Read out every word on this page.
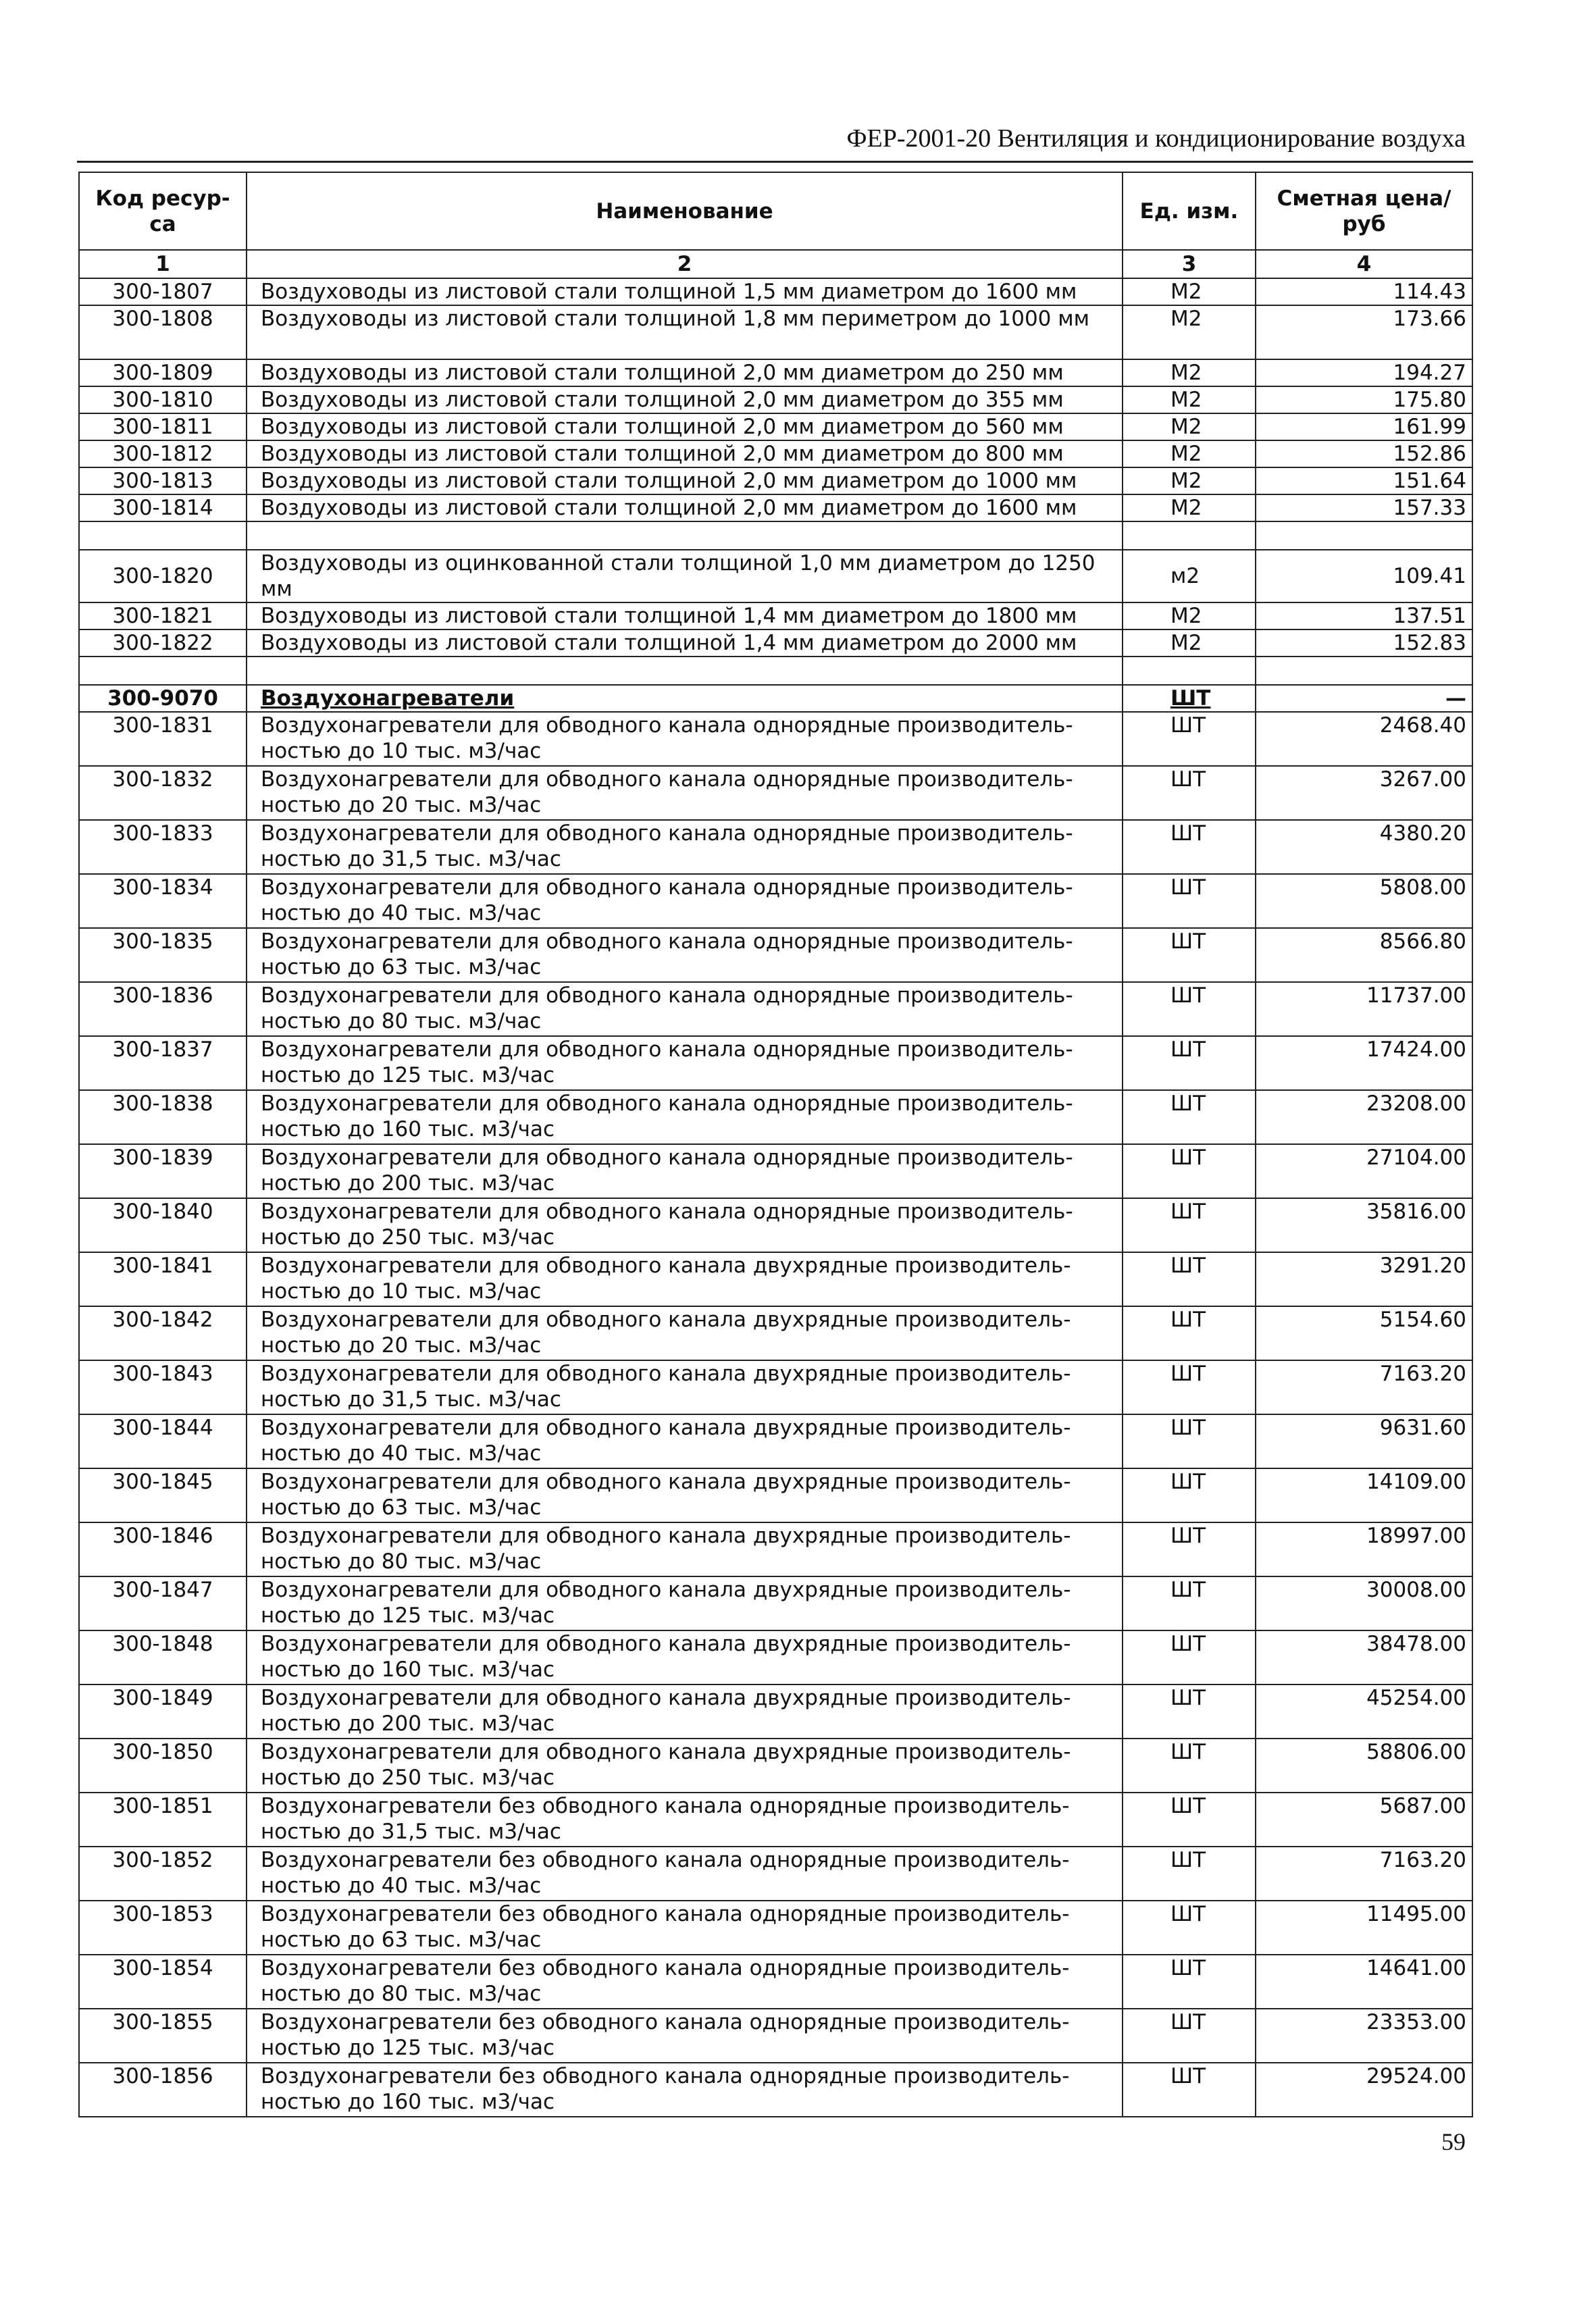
ФЕР-2001-20 Вентиляция и кондиционирование воздуха
Код ресур-са	Наименование	Ед. изм.	Сметная цена/руб
1	2	3	4
300-1807	Воздуховоды из листовой стали толщиной 1,5 мм диаметром до 1600 мм	М2	114.43
300-1808	Воздуховоды из листовой стали толщиной 1,8 мм периметром до 1000 мм	М2	173.66
300-1809	Воздуховоды из листовой стали толщиной 2,0 мм диаметром до 250 мм	М2	194.27
300-1810	Воздуховоды из листовой стали толщиной 2,0 мм диаметром до 355 мм	М2	175.80
300-1811	Воздуховоды из листовой стали толщиной 2,0 мм диаметром до 560 мм	М2	161.99
300-1812	Воздуховоды из листовой стали толщиной 2,0 мм диаметром до 800 мм	М2	152.86
300-1813	Воздуховоды из листовой стали толщиной 2,0 мм диаметром до 1000 мм	М2	151.64
300-1814	Воздуховоды из листовой стали толщиной 2,0 мм диаметром до 1600 мм	М2	157.33

300-1820	Воздуховоды из оцинкованной стали толщиной 1,0 мм диаметром до 1250 мм	м2	109.41
300-1821	Воздуховоды из листовой стали толщиной 1,4 мм диаметром до 1800 мм	М2	137.51
300-1822	Воздуховоды из листовой стали толщиной 1,4 мм диаметром до 2000 мм	М2	152.83

300-9070	Воздухонагреватели	ШТ	—
300-1831	Воздухонагреватели для обводного канала однорядные производитель-ностью до 10 тыс. м3/час	ШТ	2468.40
300-1832	Воздухонагреватели для обводного канала однорядные производитель-ностью до 20 тыс. м3/час	ШТ	3267.00
300-1833	Воздухонагреватели для обводного канала однорядные производитель-ностью до 31,5 тыс. м3/час	ШТ	4380.20
300-1834	Воздухонагреватели для обводного канала однорядные производитель-ностью до 40 тыс. м3/час	ШТ	5808.00
300-1835	Воздухонагреватели для обводного канала однорядные производитель-ностью до 63 тыс. м3/час	ШТ	8566.80
300-1836	Воздухонагреватели для обводного канала однорядные производитель-ностью до 80 тыс. м3/час	ШТ	11737.00
300-1837	Воздухонагреватели для обводного канала однорядные производитель-ностью до 125 тыс. м3/час	ШТ	17424.00
300-1838	Воздухонагреватели для обводного канала однорядные производитель-ностью до 160 тыс. м3/час	ШТ	23208.00
300-1839	Воздухонагреватели для обводного канала однорядные производитель-ностью до 200 тыс. м3/час	ШТ	27104.00
300-1840	Воздухонагреватели для обводного канала однорядные производитель-ностью до 250 тыс. м3/час	ШТ	35816.00
300-1841	Воздухонагреватели для обводного канала двухрядные производитель-ностью до 10 тыс. м3/час	ШТ	3291.20
300-1842	Воздухонагреватели для обводного канала двухрядные производитель-ностью до 20 тыс. м3/час	ШТ	5154.60
300-1843	Воздухонагреватели для обводного канала двухрядные производитель-ностью до 31,5 тыс. м3/час	ШТ	7163.20
300-1844	Воздухонагреватели для обводного канала двухрядные производитель-ностью до 40 тыс. м3/час	ШТ	9631.60
300-1845	Воздухонагреватели для обводного канала двухрядные производитель-ностью до 63 тыс. м3/час	ШТ	14109.00
300-1846	Воздухонагреватели для обводного канала двухрядные производитель-ностью до 80 тыс. м3/час	ШТ	18997.00
300-1847	Воздухонагреватели для обводного канала двухрядные производитель-ностью до 125 тыс. м3/час	ШТ	30008.00
300-1848	Воздухонагреватели для обводного канала двухрядные производитель-ностью до 160 тыс. м3/час	ШТ	38478.00
300-1849	Воздухонагреватели для обводного канала двухрядные производитель-ностью до 200 тыс. м3/час	ШТ	45254.00
300-1850	Воздухонагреватели для обводного канала двухрядные производитель-ностью до 250 тыс. м3/час	ШТ	58806.00
300-1851	Воздухонагреватели без обводного канала однорядные производитель-ностью до 31,5 тыс. м3/час	ШТ	5687.00
300-1852	Воздухонагреватели без обводного канала однорядные производитель-ностью до 40 тыс. м3/час	ШТ	7163.20
300-1853	Воздухонагреватели без обводного канала однорядные производитель-ностью до 63 тыс. м3/час	ШТ	11495.00
300-1854	Воздухонагреватели без обводного канала однорядные производитель-ностью до 80 тыс. м3/час	ШТ	14641.00
300-1855	Воздухонагреватели без обводного канала однорядные производитель-ностью до 125 тыс. м3/час	ШТ	23353.00
300-1856	Воздухонагреватели без обводного канала однорядные производитель-ностью до 160 тыс. м3/час	ШТ	29524.00
59
